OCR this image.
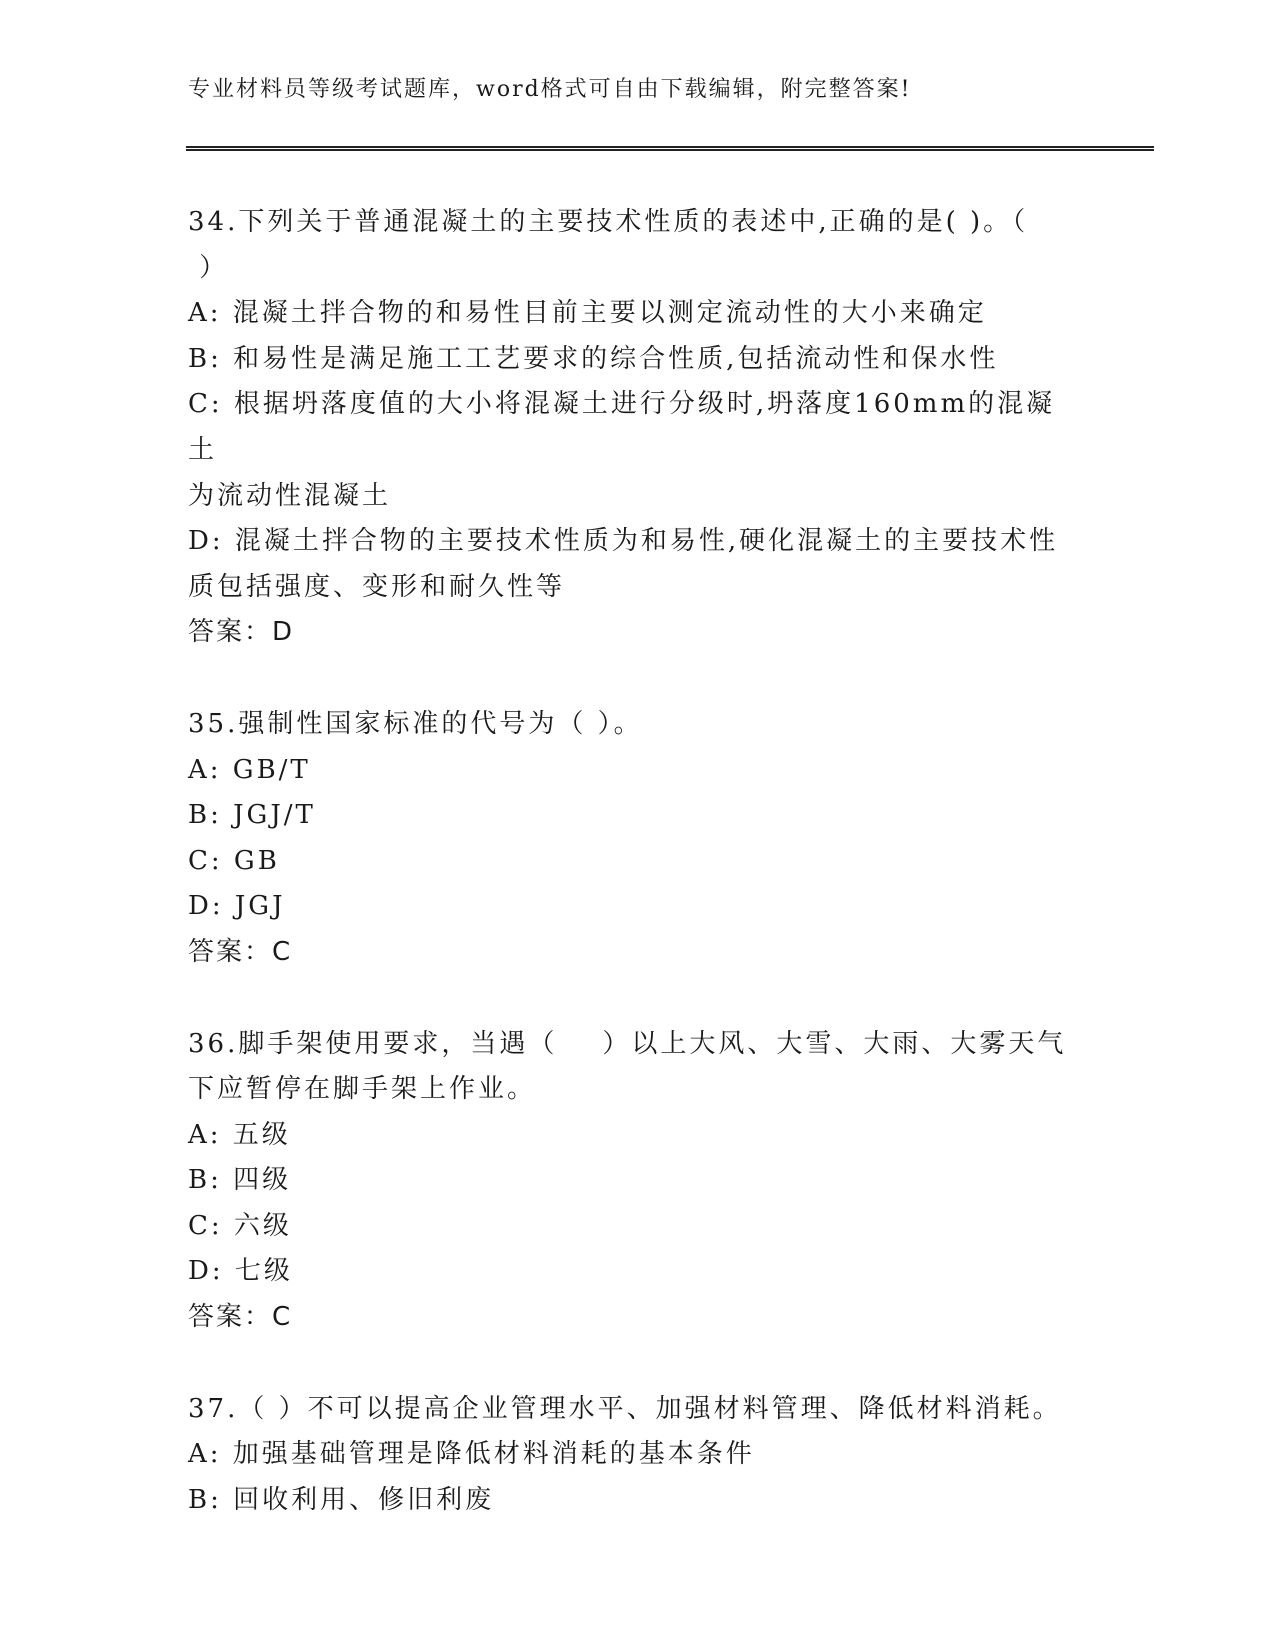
专业材料员等级考试题库，word格式可自由下载编辑，附完整答案!
34.下列关于普通混凝土的主要技术性质的表述中,正确的是( )。（
）
A: 混凝土拌合物的和易性目前主要以测定流动性的大小来确定
B: 和易性是满足施工工艺要求的综合性质,包括流动性和保水性
C: 根据坍落度值的大小将混凝土进行分级时,坍落度160mm的混凝土
为流动性混凝土
D: 混凝土拌合物的主要技术性质为和易性,硬化混凝土的主要技术性
质包括强度、变形和耐久性等
答案：D
35.强制性国家标准的代号为（ ）。
A: GB/T
B: JGJ/T
C: GB
D: JGJ
答案：C
36.脚手架使用要求，当遇（    ）以上大风、大雪、大雨、大雾天气
下应暂停在脚手架上作业。
A: 五级
B: 四级
C: 六级
D: 七级
答案：C
37.（ ）不可以提高企业管理水平、加强材料管理、降低材料消耗。
A: 加强基础管理是降低材料消耗的基本条件
B: 回收利用、修旧利废
